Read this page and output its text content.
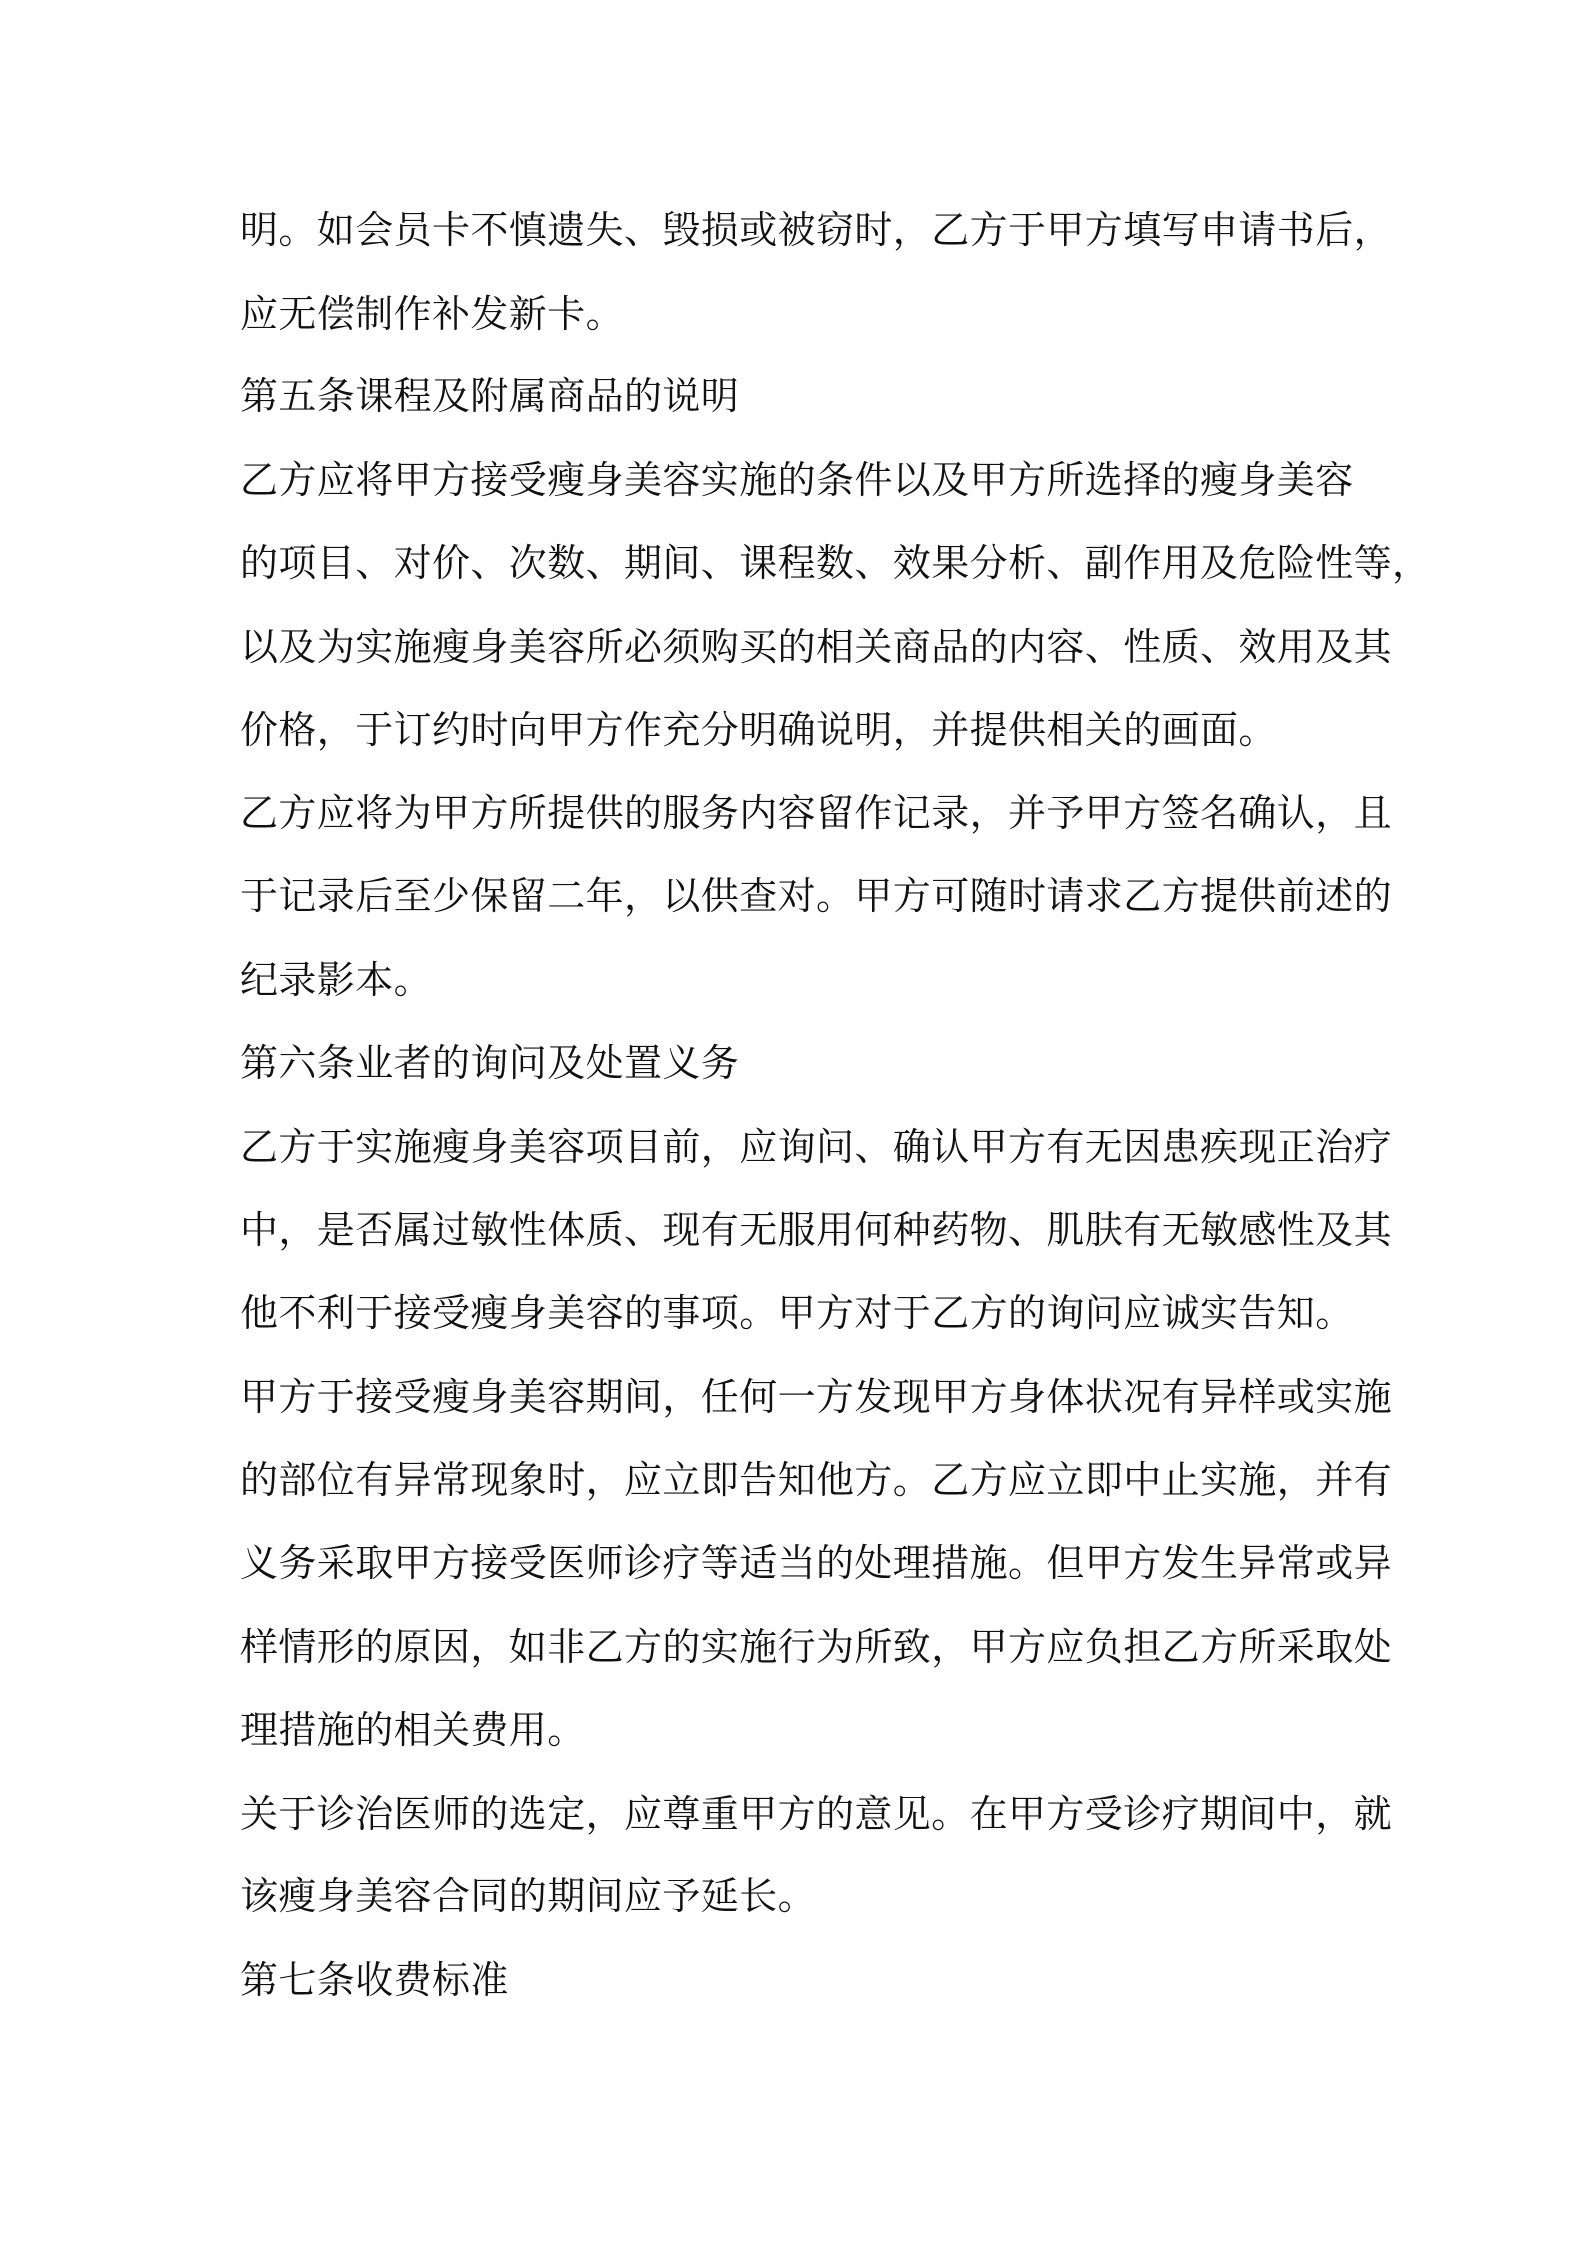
明。如会员卡不慎遗失、毁损或被窃时，乙方于甲方填写申请书后，
应无偿制作补发新卡。
第五条课程及附属商品的说明
乙方应将甲方接受瘦身美容实施的条件以及甲方所选择的瘦身美容
的项目、对价、次数、期间、课程数、效果分析、副作用及危险性等，
以及为实施瘦身美容所必须购买的相关商品的内容、性质、效用及其
价格，于订约时向甲方作充分明确说明，并提供相关的画面。
乙方应将为甲方所提供的服务内容留作记录，并予甲方签名确认，且
于记录后至少保留二年，以供查对。甲方可随时请求乙方提供前述的
纪录影本。
第六条业者的询问及处置义务
乙方于实施瘦身美容项目前，应询问、确认甲方有无因患疾现正治疗
中，是否属过敏性体质、现有无服用何种药物、肌肤有无敏感性及其
他不利于接受瘦身美容的事项。甲方对于乙方的询问应诚实告知。
甲方于接受瘦身美容期间，任何一方发现甲方身体状况有异样或实施
的部位有异常现象时，应立即告知他方。乙方应立即中止实施，并有
义务采取甲方接受医师诊疗等适当的处理措施。但甲方发生异常或异
样情形的原因，如非乙方的实施行为所致，甲方应负担乙方所采取处
理措施的相关费用。
关于诊治医师的选定，应尊重甲方的意见。在甲方受诊疗期间中，就
该瘦身美容合同的期间应予延长。
第七条收费标准
